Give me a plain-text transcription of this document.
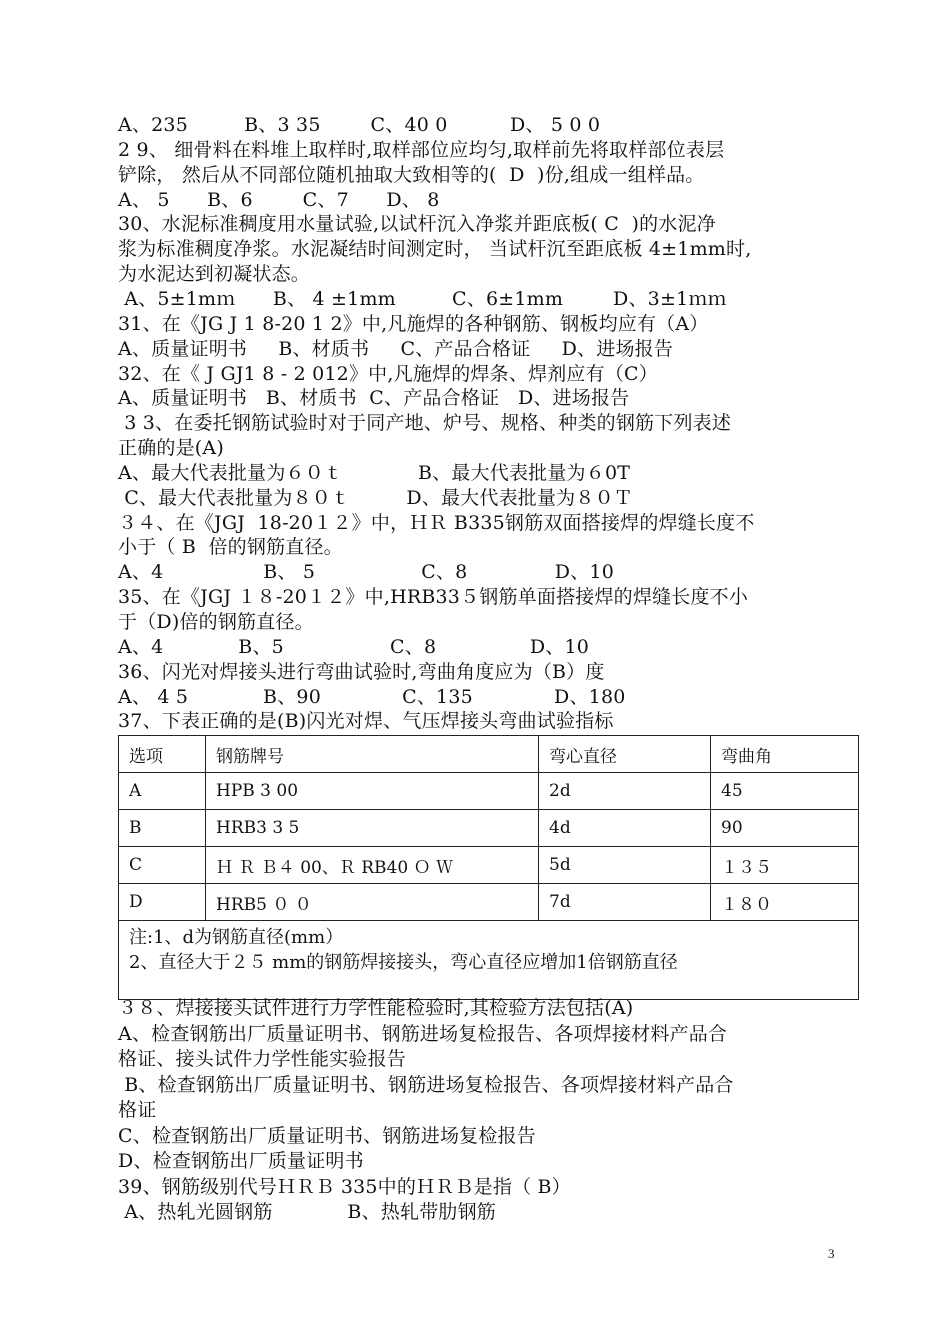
A、235         B、3 35        C、40 0          D、 5 0 0
2 9、 细骨料在料堆上取样时,取样部位应均匀,取样前先将取样部位表层
铲除， 然后从不同部位随机抽取大致相等的(  D  )份,组成一组样品。
A、 5      B、6        C、7      D、 8
30、水泥标准稠度用水量试验,以试杆沉入净浆并距底板( C  )的水泥净
浆为标准稠度净浆。水泥凝结时间测定时， 当试杆沉至距底板 4±1mm时,
为水泥达到初凝状态。
A、5±1mｍ      B、 4 ±1mm         C、6±1mm        D、3±1ｍｍ
31、在《JG J 1 8-20 1 2》中,凡施焊的各种钢筋、钢板均应有（A）
A、质量证明书     B、材质书     C、产品合格证     D、进场报告
32、在《 J GJ1 8 - 2 012》中,凡施焊的焊条、焊剂应有（C）
A、质量证明书   B、材质书  C、产品合格证   D、进场报告
3 3、在委托钢筋试验时对于同产地、炉号、规格、种类的钢筋下列表述
正确的是(A)
A、最大代表批量为６０ｔ            B、最大代表批量为６0T
C、最大代表批量为８０ｔ         D、最大代表批量为８０Ｔ
３４、在《JGJ  18-20１２》中，ＨＲ B335钢筋双面搭接焊的焊缝长度不
小于（ B  倍的钢筋直径。
A、4                B、 5                 C、8              D、10
35、在《JGJ １８-20１２》中,HRB33５钢筋单面搭接焊的焊缝长度不小
于（D)倍的钢筋直径。
A、4            B、5                 C、8               D、10
36、闪光对焊接头进行弯曲试验时,弯曲角度应为（B）度
A、 4 5            B、90             C、135             D、180
37、下表正确的是(B)闪光对焊、气压焊接头弯曲试验指标
选项	钢筋牌号	弯心直径	弯曲角
A	HPB 3 00	2d	45
B	HRB3 3 5	4d	90
C	Ｈ Ｒ Ｂ４ 00、Ｒ RB40 Ｏ Ｗ	5d	１３５
D	HRB5 ０ ０	7d	１８０

注:1、d为钢筋直径(mm）
2、直径大于２５ mm的钢筋焊接接头，弯心直径应增加1倍钢筋直径			
３８、焊接接头试件进行力学性能检验时,其检验方法包括(A)
A、检查钢筋出厂质量证明书、钢筋进场复检报告、各项焊接材料产品合
格证、接头试件力学性能实验报告
B、检查钢筋出厂质量证明书、钢筋进场复检报告、各项焊接材料产品合
格证
C、检查钢筋出厂质量证明书、钢筋进场复检报告
D、检查钢筋出厂质量证明书
39、钢筋级别代号ＨＲＢ 335中的ＨＲＢ是指（ B）
A、热轧光圆钢筋            B、热轧带肋钢筋
3
